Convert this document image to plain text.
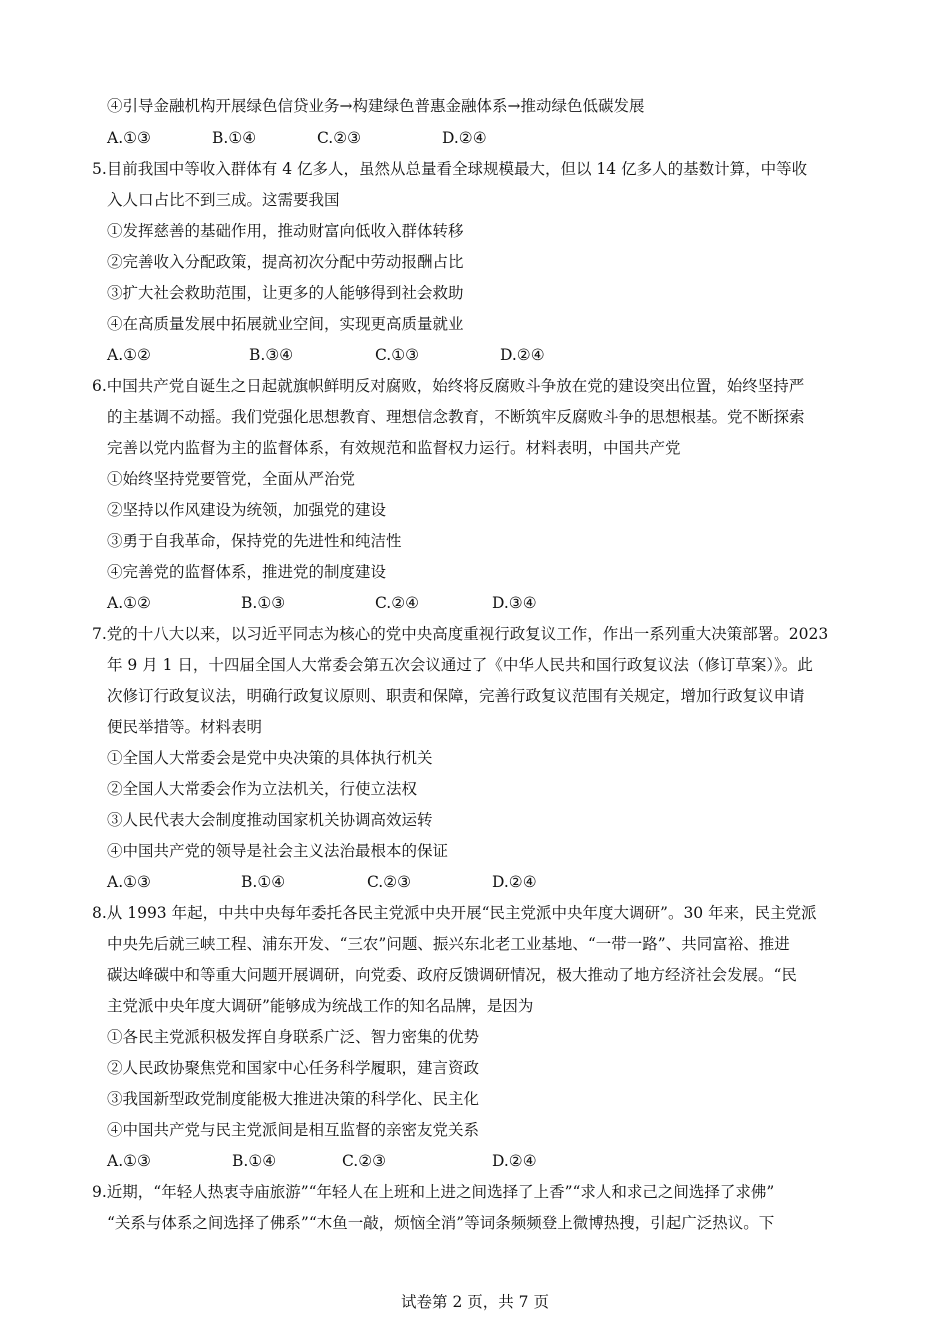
④引导金融机构开展绿色信贷业务→构建绿色普惠金融体系→推动绿色低碳发展
A.①③	B.①④	C.②③	D.②④
5.目前我国中等收入群体有 4 亿多人，虽然从总量看全球规模最大，但以 14 亿多人的基数计算，中等收
入人口占比不到三成。这需要我国
①发挥慈善的基础作用，推动财富向低收入群体转移
②完善收入分配政策，提高初次分配中劳动报酬占比
③扩大社会救助范围，让更多的人能够得到社会救助
④在高质量发展中拓展就业空间，实现更高质量就业
A.①②	B.③④	C.①③	D.②④
6.中国共产党自诞生之日起就旗帜鲜明反对腐败，始终将反腐败斗争放在党的建设突出位置，始终坚持严
的主基调不动摇。我们党强化思想教育、理想信念教育，不断筑牢反腐败斗争的思想根基。党不断探索
完善以党内监督为主的监督体系，有效规范和监督权力运行。材料表明，中国共产党
①始终坚持党要管党，全面从严治党
②坚持以作风建设为统领，加强党的建设
③勇于自我革命，保持党的先进性和纯洁性
④完善党的监督体系，推进党的制度建设
A.①②	B.①③	C.②④	D.③④
7.党的十八大以来，以习近平同志为核心的党中央高度重视行政复议工作，作出一系列重大决策部署。2023
年 9 月 1 日，十四届全国人大常委会第五次会议通过了《中华人民共和国行政复议法（修订草案）》。此
次修订行政复议法，明确行政复议原则、职责和保障，完善行政复议范围有关规定，增加行政复议申请
便民举措等。材料表明
①全国人大常委会是党中央决策的具体执行机关
②全国人大常委会作为立法机关，行使立法权
③人民代表大会制度推动国家机关协调高效运转
④中国共产党的领导是社会主义法治最根本的保证
A.①③	B.①④	C.②③	D.②④
8.从 1993 年起，中共中央每年委托各民主党派中央开展“民主党派中央年度大调研”。30 年来，民主党派
中央先后就三峡工程、浦东开发、“三农”问题、振兴东北老工业基地、“一带一路”、共同富裕、推进
碳达峰碳中和等重大问题开展调研，向党委、政府反馈调研情况，极大推动了地方经济社会发展。“民
主党派中央年度大调研”能够成为统战工作的知名品牌，是因为
①各民主党派积极发挥自身联系广泛、智力密集的优势
②人民政协聚焦党和国家中心任务科学履职，建言资政
③我国新型政党制度能极大推进决策的科学化、民主化
④中国共产党与民主党派间是相互监督的亲密友党关系
A.①③	B.①④	C.②③	D.②④
9.近期，“年轻人热衷寺庙旅游”“年轻人在上班和上进之间选择了上香”“求人和求己之间选择了求佛”
“关系与体系之间选择了佛系”“木鱼一敲，烦恼全消”等词条频频登上微博热搜，引起广泛热议。下
试卷第 2 页，共 7 页
